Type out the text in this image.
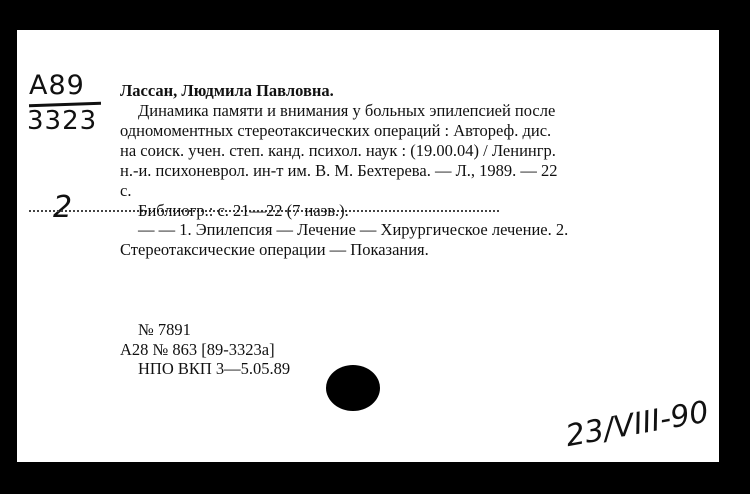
A89
3323
2
Лассан, Людмила Павловна.
Динамика памяти и внимания у больных эпилепсией после
одномоментных стереотаксических операций : Автореф. дис.
на соиск. учен. степ. канд. психол. наук : (19.00.04) / Ленингр.
н.-и. психоневрол. ин-т им. В. М. Бехтерева. — Л., 1989. — 22
с.
Библиогр.: с. 21—22 (7 назв.).
— — 1. Эпилепсия — Лечение — Хирургическое лечение. 2.
Стереотаксические операции — Показания.
№ 7891
А28 № 863 [89-3323а]
НПО ВКП 3—5.05.89
23/VIII-90
